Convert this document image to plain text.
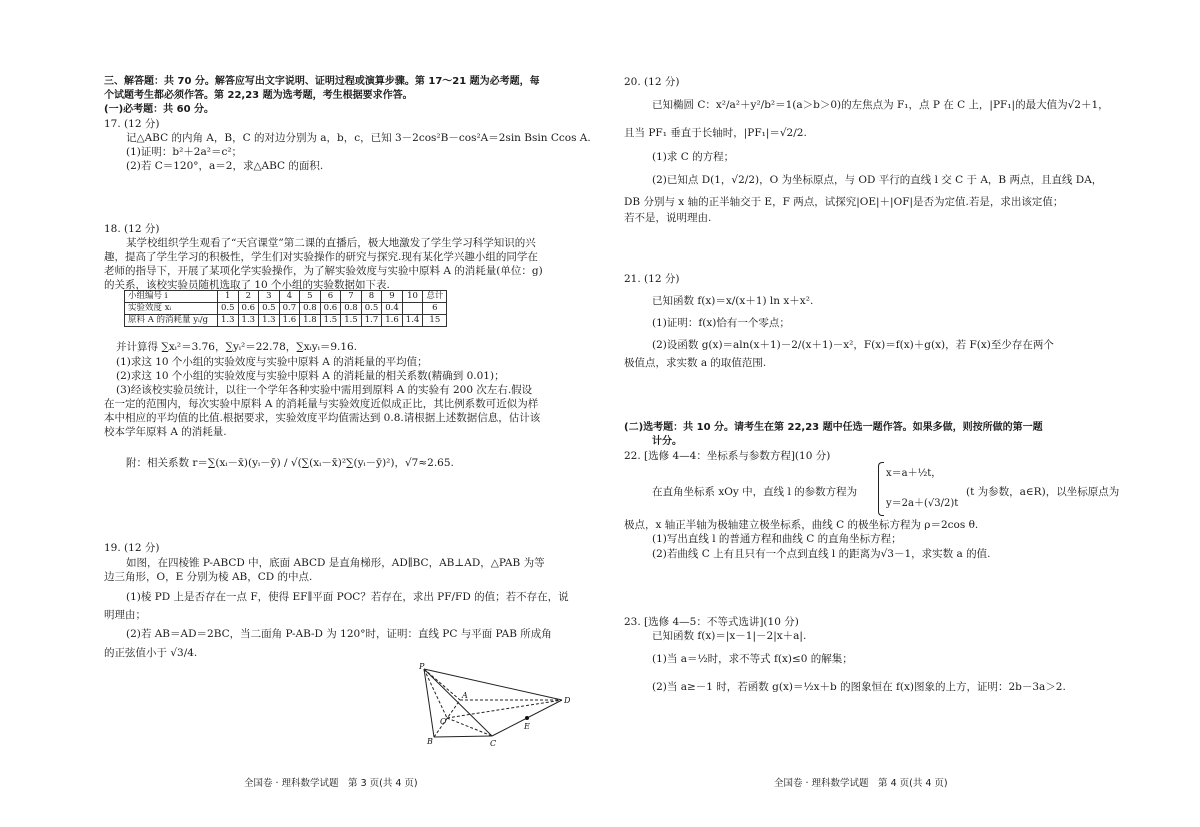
三、解答题：共 70 分。解答应写出文字说明、证明过程或演算步骤。第 17～21 题为必考题，每
个试题考生都必须作答。第 22,23 题为选考题，考生根据要求作答。
(一)必考题：共 60 分。
17. (12 分)
记△ABC 的内角 A，B，C 的对边分别为 a，b，c，已知 3－2cos²B－cos²A＝2sin Bsin Ccos A.
(1)证明：b²＋2a²＝c²；
(2)若 C＝120°，a＝2，求△ABC 的面积.
18. (12 分)
某学校组织学生观看了“天宫课堂”第二课的直播后，极大地激发了学生学习科学知识的兴
趣，提高了学生学习的积极性，学生们对实验操作的研究与探究.现有某化学兴趣小组的同学在
老师的指导下，开展了某项化学实验操作，为了解实验效度与实验中原料 A 的消耗量(单位：g)
的关系，该校实验员随机选取了 10 个小组的实验数据如下表.
小组编号 i	1	2	3	4	5	6	7	8	9	10	总计
实验效度 xᵢ	0.5	0.6	0.5	0.7	0.8	0.6	0.8	0.5	0.4		6
原料 A 的消耗量 yᵢ/g	1.3	1.3	1.3	1.6	1.8	1.5	1.5	1.7	1.6	1.4	15
并计算得 ∑xᵢ²＝3.76，∑yᵢ²＝22.78，∑xᵢyᵢ＝9.16.
(1)求这 10 个小组的实验效度与实验中原料 A 的消耗量的平均值；
(2)求这 10 个小组的实验效度与实验中原料 A 的消耗量的相关系数(精确到 0.01)；
(3)经该校实验员统计，以往一个学年各种实验中需用到原料 A 的实验有 200 次左右.假设
在一定的范围内，每次实验中原料 A 的消耗量与实验效度近似成正比，其比例系数可近似为样
本中相应的平均值的比值.根据要求，实验效度平均值需达到 0.8.请根据上述数据信息，估计该
校本学年原料 A 的消耗量.
附：相关系数 r＝∑(xᵢ－x̄)(yᵢ－ȳ) / √(∑(xᵢ－x̄)²∑(yᵢ－ȳ)²)，√7≈2.65.
19. (12 分)
如图，在四棱锥 P-ABCD 中，底面 ABCD 是直角梯形，AD∥BC，AB⊥AD，△PAB 为等
边三角形，O，E 分别为棱 AB，CD 的中点.
(1)棱 PD 上是否存在一点 F，使得 EF∥平面 POC？若存在，求出 PF/FD 的值；若不存在，说
明理由；
(2)若 AB＝AD＝2BC，当二面角 P-AB-D 为 120°时，证明：直线 PC 与平面 PAB 所成角
的正弦值小于 √3/4.
P
A
O
B	C
D
E
全国卷 · 理科数学试题　第 3 页(共 4 页)
20. (12 分)
已知椭圆 C：x²/a²＋y²/b²＝1(a＞b＞0)的左焦点为 F₁，点 P 在 C 上，|PF₁|的最大值为√2＋1，
且当 PF₁ 垂直于长轴时，|PF₁|＝√2/2.
(1)求 C 的方程；
(2)已知点 D(1，√2/2)，O 为坐标原点，与 OD 平行的直线 l 交 C 于 A，B 两点，且直线 DA，
DB 分别与 x 轴的正半轴交于 E，F 两点，试探究|OE|＋|OF|是否为定值.若是，求出该定值；
若不是，说明理由.
21. (12 分)
已知函数 f(x)＝x/(x＋1) ln x＋x².
(1)证明：f(x)恰有一个零点；
(2)设函数 g(x)＝aln(x＋1)－2/(x＋1)－x²，F(x)＝f(x)＋g(x)，若 F(x)至少存在两个
极值点，求实数 a 的取值范围.
(二)选考题：共 10 分。请考生在第 22,23 题中任选一题作答。如果多做，则按所做的第一题
计分。
22. [选修 4—4：坐标系与参数方程](10 分)
在直角坐标系 xOy 中，直线 l 的参数方程为
x＝a＋½t，
y＝2a＋(√3/2)t
(t 为参数，a∈R)，以坐标原点为
极点，x 轴正半轴为极轴建立极坐标系，曲线 C 的极坐标方程为 ρ＝2cos θ.
(1)写出直线 l 的普通方程和曲线 C 的直角坐标方程；
(2)若曲线 C 上有且只有一个点到直线 l 的距离为√3－1，求实数 a 的值.
23. [选修 4—5：不等式选讲](10 分)
已知函数 f(x)＝|x－1|－2|x＋a|.
(1)当 a＝½时，求不等式 f(x)≤0 的解集；
(2)当 a≥－1 时，若函数 g(x)＝½x＋b 的图象恒在 f(x)图象的上方，证明：2b－3a＞2.
全国卷 · 理科数学试题　第 4 页(共 4 页)
